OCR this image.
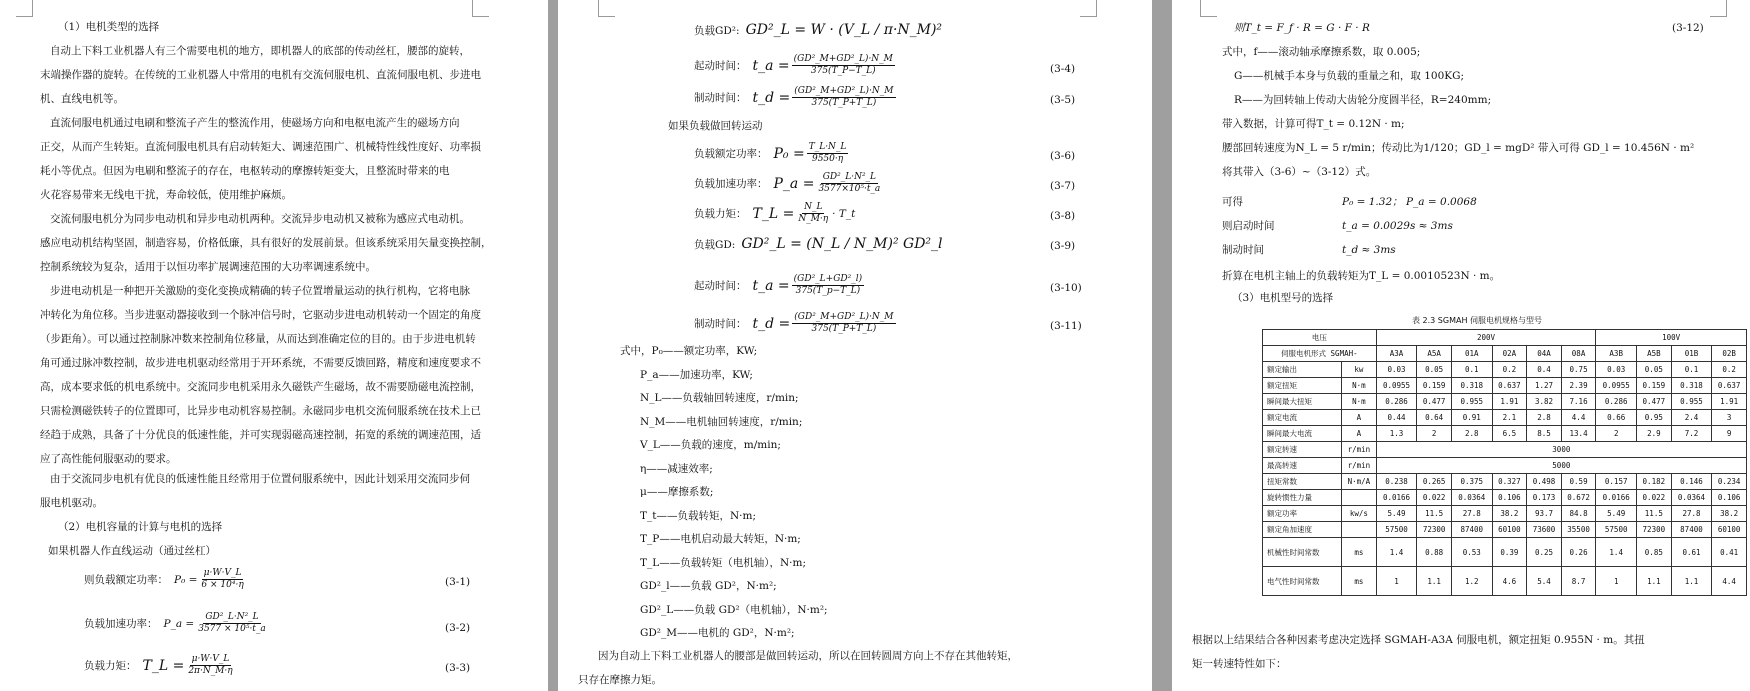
（1）电机类型的选择
自动上下料工业机器人有三个需要电机的地方，即机器人的底部的传动丝杠，腰部的旋转，
末端操作器的旋转。在传统的工业机器人中常用的电机有交流伺服电机、直流伺服电机、步进电
机、直线电机等。
直流伺服电机通过电刷和整流子产生的整流作用，使磁场方向和电枢电流产生的磁场方向
正交，从而产生转矩。直流伺服电机具有启动转矩大、调速范围广、机械特性线性度好、功率损
耗小等优点。但因为电刷和整流子的存在，电枢转动的摩擦转矩变大，且整流时带来的电
火花容易带来无线电干扰，寿命较低，使用维护麻烦。
交流伺服电机分为同步电动机和异步电动机两种。交流异步电动机又被称为感应式电动机。
感应电动机结构坚固，制造容易，价格低廉，具有很好的发展前景。但该系统采用矢量变换控制，
控制系统较为复杂，适用于以恒功率扩展调速范围的大功率调速系统中。
步进电动机是一种把开关激励的变化变换成精确的转子位置增量运动的执行机构，它将电脉
冲转化为角位移。当步进驱动器接收到一个脉冲信号时，它驱动步进电动机转动一个固定的角度
（步距角）。可以通过控制脉冲数来控制角位移量，从而达到准确定位的目的。由于步进电机转
角可通过脉冲数控制，故步进电机驱动经常用于开环系统，不需要反馈回路，精度和速度要求不
高，成本要求低的机电系统中。交流同步电机采用永久磁铁产生磁场，故不需要励磁电流控制，
只需检测磁铁转子的位置即可，比异步电动机容易控制。永磁同步电机交流伺服系统在技术上已
经趋于成熟，具备了十分优良的低速性能，并可实现弱磁高速控制，拓宽的系统的调速范围，适
应了高性能伺服驱动的要求。
由于交流同步电机有优良的低速性能且经常用于位置伺服系统中，因此计划采用交流同步伺
服电机驱动。
（2）电机容量的计算与电机的选择
如果机器人作直线运动（通过丝杠）
则负载额定功率： $P_0 = \frac{\mu\cdot W\cdot V\_L}{\text{6 × 10⁴·η}}$	(3-1)
负载加速功率： P_a = $\frac{\text{GD²\_L·N²\_L}}{\text{3577 × 10⁵·t\_a}}$	(3-2)
负载力矩： T_L = $\frac{\mu\cdot W\cdot V\_L}{2\pi\cdot N\_M\cdot\eta}$	(3-3)
负载GD²: GD²_L = W · (V_L / π·N_M)²
起动时间： t_a = $\frac{\text{(GD²\_M+GD²\_L)·N\_M}}{375(T\_P-T\_L)}$	(3-4)
制动时间： t_d = $\frac{\text{(GD²\_M+GD²\_L)·N\_M}}{375(T\_P+T\_L)}$	(3-5)
如果负载做回转运动
负载额定功率： $P_0 = \frac{T\_L\cdot N\_L}{9550\cdot\eta}$	(3-6)
负载加速功率： P_a = $\frac{\text{GD²\_L·N²\_L}}{\text{3577×10⁵·t\_a}}$	(3-7)
负载力矩： T_L = $\frac{N\_L}{N\_M\cdot\eta}$ · T_t	(3-8)
负载GD: GD²_L = (N_L / N_M)² GD²_l	(3-9)
起动时间： t_a = $\frac{\text{(GD²\_L+GD²\_l)}}{375(T\_p-T\_L)}$	(3-10)
制动时间： t_d = $\frac{\text{(GD²\_M+GD²\_L)·N\_M}}{375(T\_P+T\_L)}$	(3-11)
式中，P₀——额定功率，KW;
P_a——加速功率，KW;
N_L——负载轴回转速度，r/min;
N_M——电机轴回转速度，r/min;
V_L——负载的速度，m/min;
η——减速效率;
μ——摩擦系数;
T_t——负载转矩，N·m;
T_P——电机启动最大转矩，N·m;
T_L——负载转矩（电机轴），N·m;
GD²_l——负载 GD²，N·m²;
GD²_L——负载 GD²（电机轴），N·m²;
GD²_M——电机的 GD²，N·m²;
因为自动上下料工业机器人的腰部是做回转运动，所以在回转圆周方向上不存在其他转矩，
只存在摩擦力矩。
则T_t = F_f · R = G · F · R	(3-12)
式中，f——滚动轴承摩擦系数，取 0.005;
G——机械手本身与负载的重量之和，取 100KG;
R——为回转轴上传动大齿轮分度圆半径，R=240mm;
带入数据，计算可得T_t = 0.12N · m;
腰部回转速度为N_L = 5 r/min；传动比为1/120；GD_l = mgD² 带入可得 GD_l = 10.456N · m²
将其带入（3-6）~（3-12）式。
可得	P₀ = 1.32； P_a = 0.0068
则启动时间	t_a = 0.0029s ≈ 3ms
制动时间	t_d ≈ 3ms
折算在电机主轴上的负载转矩为T_L = 0.0010523N · m。
（3）电机型号的选择
表 2.3 SGMAH 伺服电机规格与型号
电压		200V						100V			
伺服电机形式 SGMAH-		A3A	A5A	01A	02A	04A	08A	A3B	A5B	01B	02B
额定输出	kw	0.03	0.05	0.1	0.2	0.4	0.75	0.03	0.05	0.1	0.2
额定扭矩	N·m	0.0955	0.159	0.318	0.637	1.27	2.39	0.0955	0.159	0.318	0.637
瞬间最大扭矩	N·m	0.286	0.477	0.955	1.91	3.82	7.16	0.286	0.477	0.955	1.91
额定电流	A	0.44	0.64	0.91	2.1	2.8	4.4	0.66	0.95	2.4	3
瞬间最大电流	A	1.3	2	2.8	6.5	8.5	13.4	2	2.9	7.2	9
额定转速	r/min	3000									
最高转速	r/min	5000									
扭矩常数	N·m/A	0.238	0.265	0.375	0.327	0.498	0.59	0.157	0.182	0.146	0.234
旋转惯性力量		0.0166	0.022	0.0364	0.106	0.173	0.672	0.0166	0.022	0.0364	0.106
额定功率	kw/s	5.49	11.5	27.8	38.2	93.7	84.8	5.49	11.5	27.8	38.2
额定角加速度		57500	72300	87400	60100	73600	35500	57500	72300	87400	60100
机械性时间常数	ms	1.4	0.88	0.53	0.39	0.25	0.26	1.4	0.85	0.61	0.41
电气性时间常数	ms	1	1.1	1.2	4.6	5.4	8.7	1	1.1	1.1	4.4
根据以上结果结合各种因素考虑决定选择 SGMAH-A3A 伺服电机，额定扭矩 0.955N · m。其扭
矩一转速特性如下：
